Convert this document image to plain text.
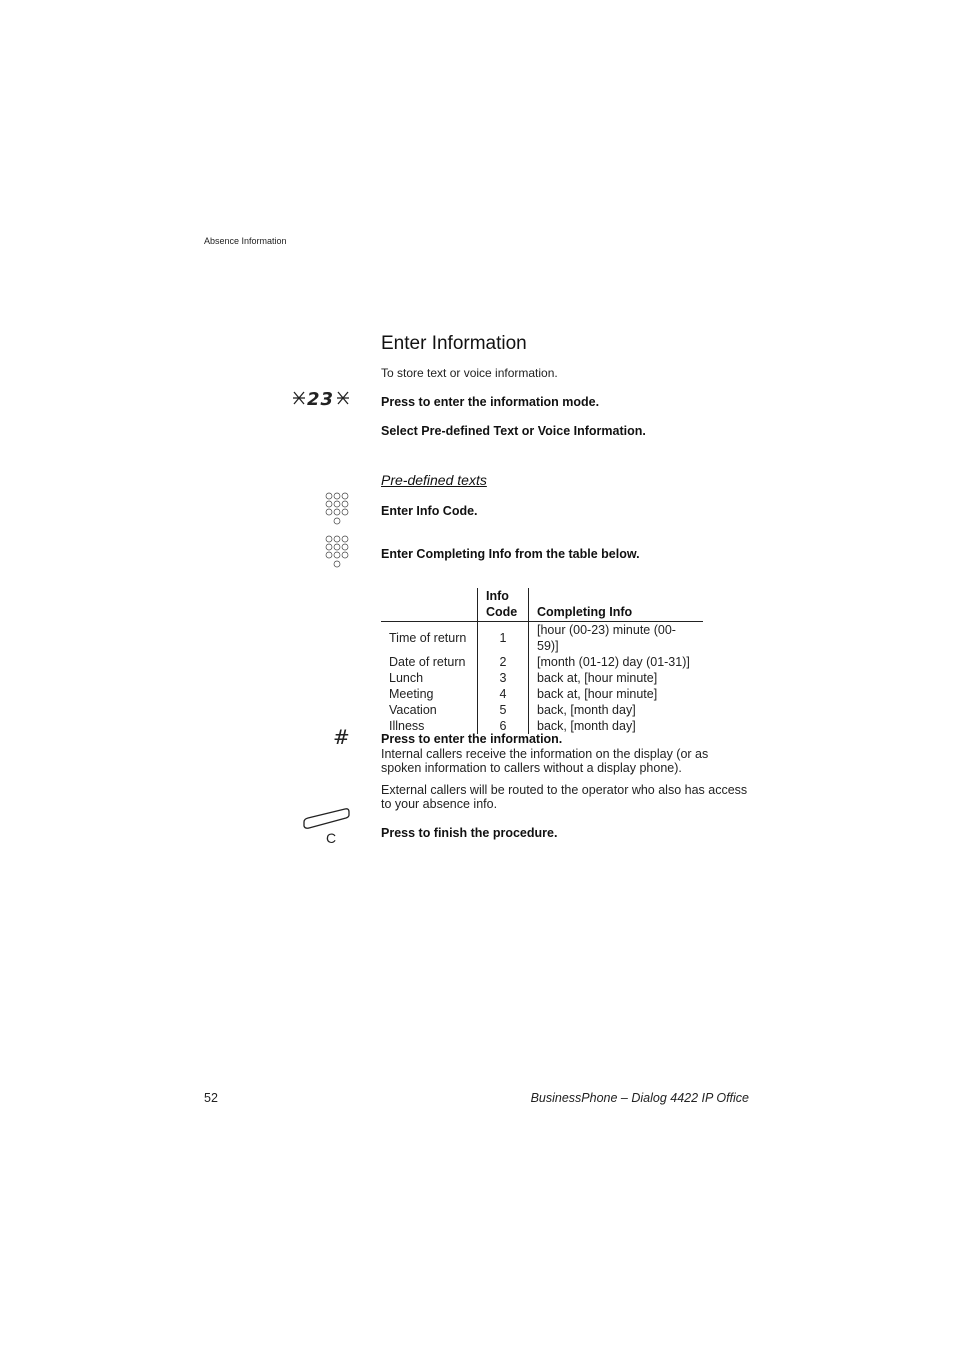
Absence Information
Enter Information
To store text or voice information.
23	Press to enter the information mode.
Select Pre-defined Text or Voice Information.
Pre-defined texts
Enter Info Code.
Enter Completing Info from the table below.
	Info Code	Completing Info
Time of return	1	[hour (00-23) minute (00-59)]
Date of return	2	[month (01-12) day (01-31)]
Lunch	3	back at, [hour minute]
Meeting	4	back at, [hour minute]
Vacation	5	back, [month day]
Illness	6	back, [month day]
# Press to enter the information.
Internal callers receive the information on the display (or as spoken information to callers without a display phone).
External callers will be routed to the operator who also has access to your absence info.
C	Press to finish the procedure.
52	BusinessPhone – Dialog 4422 IP Office
